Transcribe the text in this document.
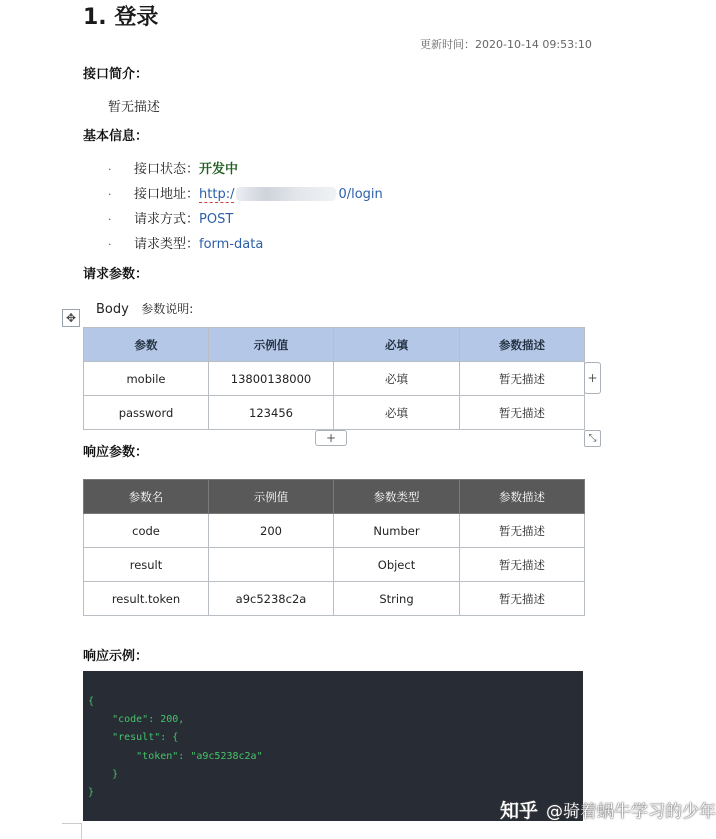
1. 登录
更新时间：2020-10-14 09:53:10
接口简介：
暂无描述
基本信息：
·	接口状态： 开发中
·	接口地址： http:/	0/login
·	请求方式： POST
·	请求类型： form-data
请求参数：
✥
Body 参数说明:
参数	示例值	必填	参数描述
mobile	13800138000	必填	暂无描述
password	123456	必填	暂无描述
+
+	⤡
响应参数：
参数名	示例值	参数类型	参数描述
code	200	Number	暂无描述
result		Object	暂无描述
result.token	a9c5238c2a	String	暂无描述
响应示例：
{
"code": 200,
"result": {
"token": "a9c5238c2a"
}
}
知乎 @骑着蜗牛学习的少年
